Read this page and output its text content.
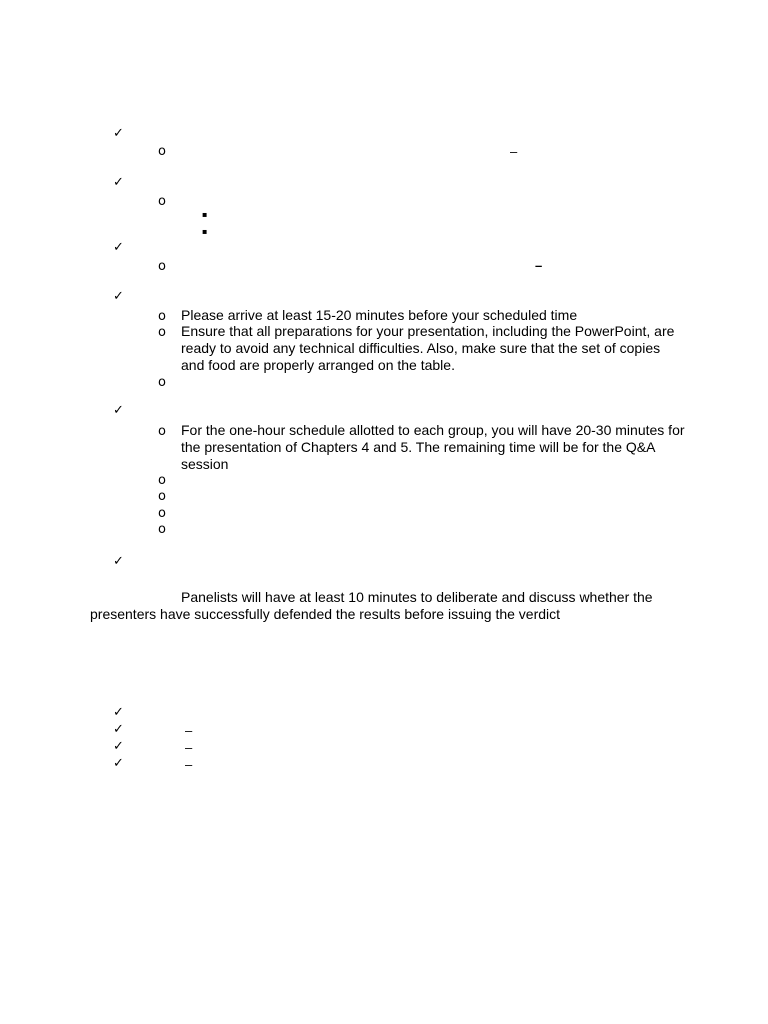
✓
o	–
✓
o
▪
▪
✓
o	–
✓
o Please arrive at least 15-20 minutes before your scheduled time
o Ensure that all preparations for your presentation, including the PowerPoint, are ready to avoid any technical difficulties. Also, make sure that the set of copies and food are properly arranged on the table.
o
✓
o For the one-hour schedule allotted to each group, you will have 20-30 minutes for the presentation of Chapters 4 and 5. The remaining time will be for the Q&A session
o
o
o
o
✓
Panelists will have at least 10 minutes to deliberate and discuss whether the
presenters have successfully defended the results before issuing the verdict
✓
✓	–
✓	–
✓	–
